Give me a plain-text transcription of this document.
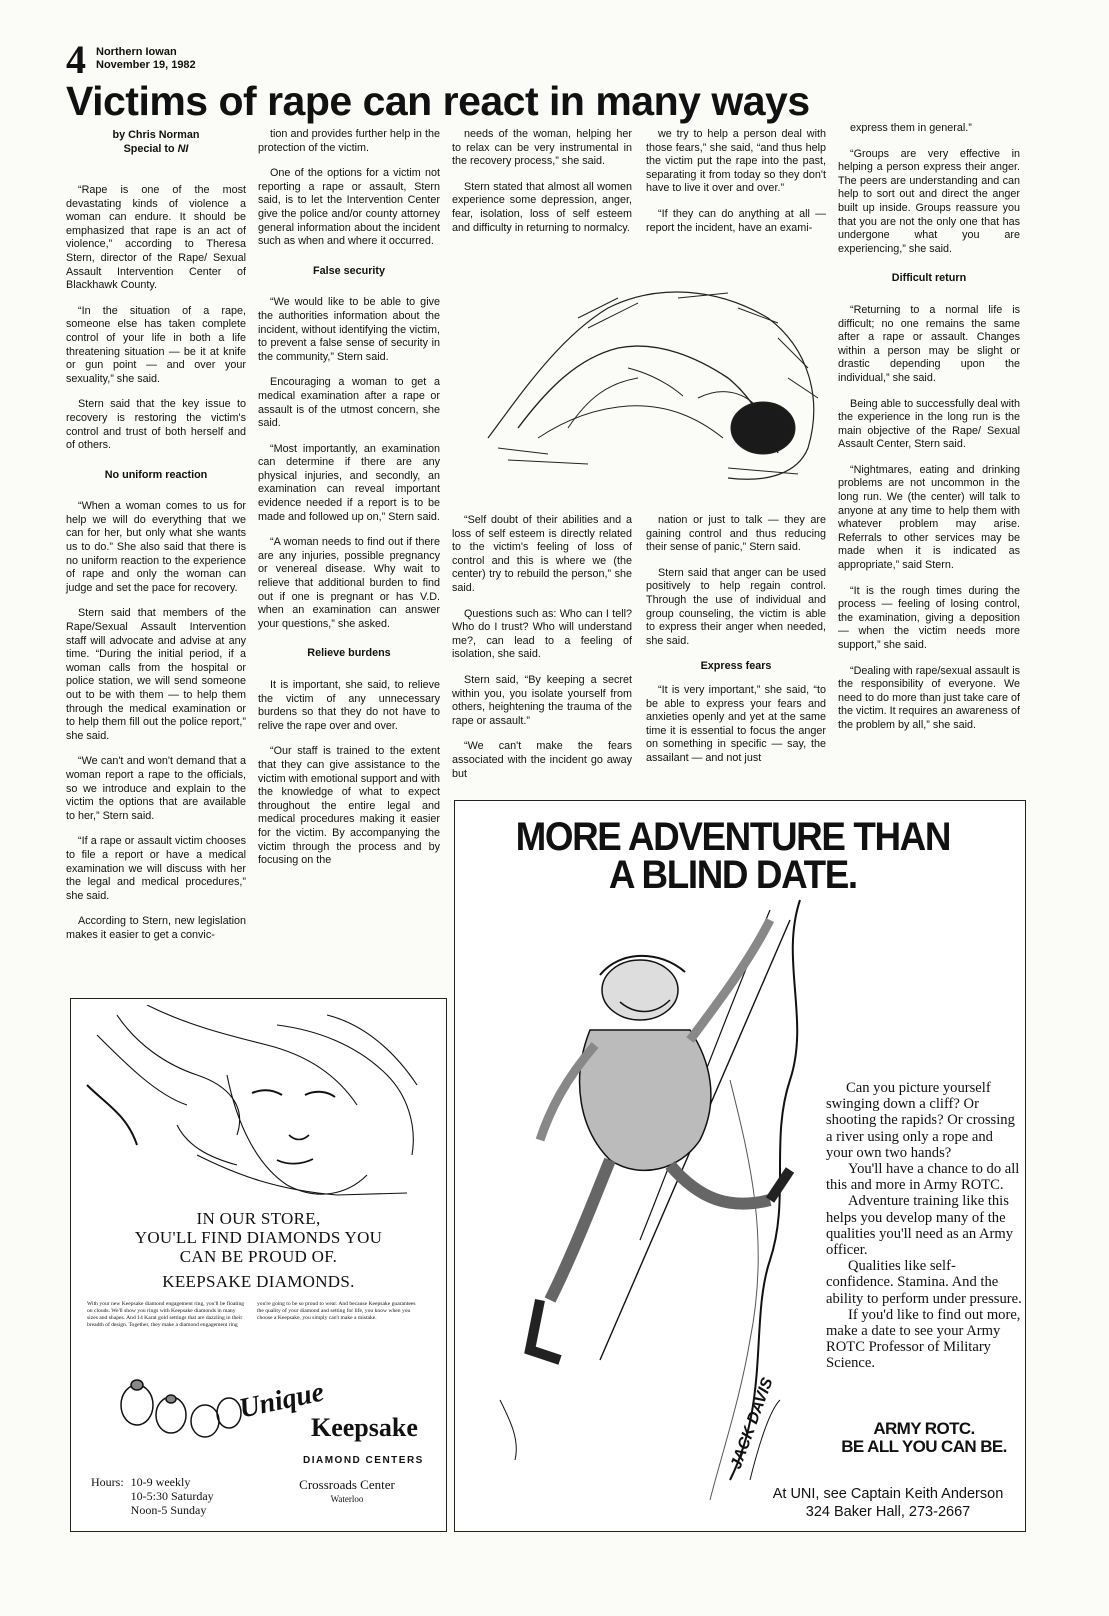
4 Northern Iowan
November 19, 1982
Victims of rape can react in many ways

by Chris Norman
Special to NI

“Rape is one of the most devastating kinds of violence a woman can endure. It should be emphasized that rape is an act of violence,” according to Theresa Stern, director of the Rape/ Sexual Assault Intervention Center of Blackhawk County.

“In the situation of a rape, someone else has taken complete control of your life in both a life threatening situation — be it at knife or gun point — and over your sexuality,” she said.

Stern said that the key issue to recovery is restoring the victim's control and trust of both herself and of others.

No uniform reaction

“When a woman comes to us for help we will do everything that we can for her, but only what she wants us to do.” She also said that there is no uniform reaction to the experience of rape and only the woman can judge and set the pace for recovery.

Stern said that members of the Rape/Sexual Assault Intervention staff will advocate and advise at any time. “During the initial period, if a woman calls from the hospital or police station, we will send someone out to be with them — to help them through the medical examination or to help them fill out the police report,” she said.

“We can't and won't demand that a woman report a rape to the officials, so we introduce and explain to the victim the options that are available to her,” Stern said.

“If a rape or assault victim chooses to file a report or have a medical examination we will discuss with her the legal and medical procedures,” she said.

According to Stern, new legislation makes it easier to get a convic-

tion and provides further help in the protection of the victim.

One of the options for a victim not reporting a rape or assault, Stern said, is to let the Intervention Center give the police and/or county attorney general information about the incident such as when and where it occurred.

False security

“We would like to be able to give the authorities information about the incident, without identifying the victim, to prevent a false sense of security in the community,” Stern said.

Encouraging a woman to get a medical examination after a rape or assault is of the utmost concern, she said.

“Most importantly, an examination can determine if there are any physical injuries, and secondly, an examination can reveal important evidence needed if a report is to be made and followed up on,” Stern said.

“A woman needs to find out if there are any injuries, possible pregnancy or venereal disease. Why wait to relieve that additional burden to find out if one is pregnant or has V.D. when an examination can answer your questions,” she asked.

Relieve burdens

It is important, she said, to relieve the victim of any unnecessary burdens so that they do not have to relive the rape over and over.

“Our staff is trained to the extent that they can give assistance to the victim with emotional support and with the knowledge of what to expect throughout the entire legal and medical procedures making it easier for the victim. By accompanying the victim through the process and by focusing on the

needs of the woman, helping her to relax can be very instrumental in the recovery process,” she said.

Stern stated that almost all women experience some depression, anger, fear, isolation, loss of self esteem and difficulty in returning to normalcy.

“Self doubt of their abilities and a loss of self esteem is directly related to the victim's feeling of loss of control and this is where we (the center) try to rebuild the person,” she said.

Questions such as: Who can I tell? Who do I trust? Who will understand me?, can lead to a feeling of isolation, she said.

Stern said, “By keeping a secret within you, you isolate yourself from others, heightening the trauma of the rape or assault.”

“We can't make the fears associated with the incident go away but

we try to help a person deal with those fears,” she said, “and thus help the victim put the rape into the past, separating it from today so they don't have to live it over and over.”

“If they can do anything at all — report the incident, have an exami-

nation or just to talk — they are gaining control and thus reducing their sense of panic,” Stern said.

Stern said that anger can be used positively to help regain control. Through the use of individual and group counseling, the victim is able to express their anger when needed, she said.

Express fears

“It is very important,” she said, “to be able to express your fears and anxieties openly and yet at the same time it is essential to focus the anger on something in specific — say, the assailant — and not just

express them in general.”

“Groups are very effective in helping a person express their anger. The peers are understanding and can help to sort out and direct the anger built up inside. Groups reassure you that you are not the only one that has undergone what you are experiencing,” she said.

Difficult return

“Returning to a normal life is difficult; no one remains the same after a rape or assault. Changes within a person may be slight or drastic depending upon the individual,” she said.

Being able to successfully deal with the experience in the long run is the main objective of the Rape/ Sexual Assault Center, Stern said.

“Nightmares, eating and drinking problems are not uncommon in the long run. We (the center) will talk to anyone at any time to help them with whatever problem may arise. Referrals to other services may be made when it is indicated as appropriate,” said Stern.

“It is the rough times during the process — feeling of losing control, the examination, giving a deposition — when the victim needs more support,” she said.

“Dealing with rape/sexual assault is the responsibility of everyone. We need to do more than just take care of the victim. It requires an awareness of the problem by all,” she said.

IN OUR STORE,
YOU'LL FIND DIAMONDS YOU
CAN BE PROUD OF.
KEEPSAKE DIAMONDS.
With your new Keepsake diamond engagement ring, you'll be floating on clouds. We'll show you rings with Keepsake diamonds in many sizes and shapes. And 14 Karat gold settings that are dazzling in their breadth of design. Together, they make a diamond engagement ring
you're going to be so proud to wear. And because Keepsake guarantees the quality of your diamond and setting for life, you know when you choose a Keepsake, you simply can't make a mistake.
Unique
Keepsake
DIAMOND CENTERS
Hours: 10-9 weekly
10-5:30 Saturday
Noon-5 Sunday
Crossroads Center
Waterloo
MORE ADVENTURE THAN
A BLIND DATE.
JACK DAVIS

Can you picture yourself swinging down a cliff? Or shooting the rapids? Or crossing a river using only a rope and your own two hands?

You'll have a chance to do all this and more in Army ROTC.

Adventure training like this helps you develop many of the qualities you'll need as an Army officer.

Qualities like self-confidence. Stamina. And the ability to perform under pressure.

If you'd like to find out more, make a date to see your Army ROTC Professor of Military Science.

ARMY ROTC.
BE ALL YOU CAN BE.
At UNI, see Captain Keith Anderson
324 Baker Hall, 273-2667
